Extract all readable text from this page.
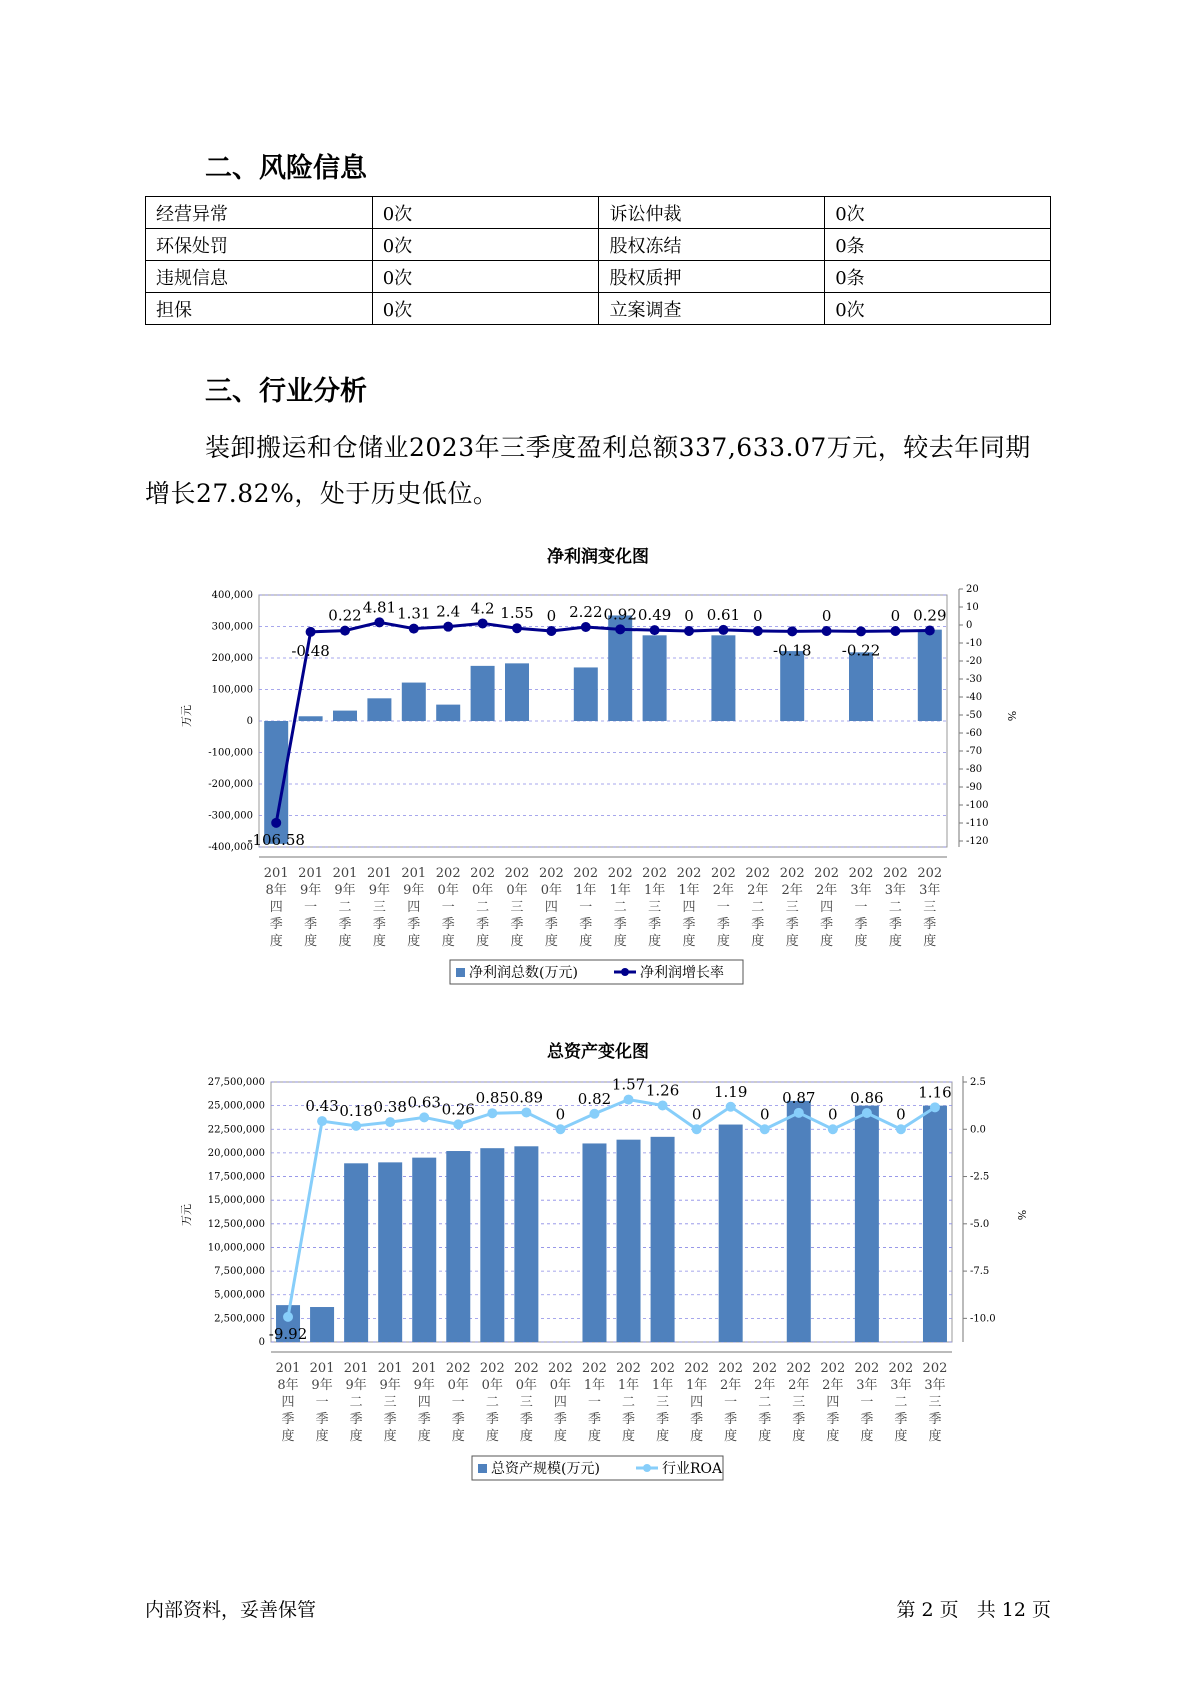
二、风险信息
经营异常	0次	诉讼仲裁	0次
环保处罚	0次	股权冻结	0条
违规信息	0次	股权质押	0条
担保	0次	立案调查	0次
三、行业分析

装卸搬运和仓储业2023年三季度盈利总额337,633.07万元，较去年同期增长27.82%，处于历史低位。

净利润变化图
400,000
300,000
200,000
100,000
0
-100,000
-200,000
-300,000
-400,000
20
10
0
-10
-20
-30
-40
-50
-60
-70
-80
-90
-100
-110
-120
万元	%
201
8年
四
季
度
201
9年
一
季
度
201
9年
二
季
度
201
9年
三
季
度
201
9年
四
季
度
202
0年
一
季
度
202
0年
二
季
度
202
0年
三
季
度
202
0年
四
季
度
202
1年
一
季
度
202
1年
二
季
度
202
1年
三
季
度
202
1年
四
季
度
202
2年
一
季
度
202
2年
二
季
度
202
2年
三
季
度
202
2年
四
季
度
202
3年
一
季
度
202
3年
二
季
度
202
3年
三
季
度
-106.58
-0.48
0.22 4.81 1.31 2.4 4.2 1.55 0 2.22 0.92 0.49 0 0.61 0
-0.18
0
-0.22
0 0.29
净利润总数(万元)	净利润增长率
总资产变化图
27,500,000
25,000,000
22,500,000
20,000,000
17,500,000
15,000,000
12,500,000
10,000,000
7,500,000
5,000,000
2,500,000
0
2.5
0.0
-2.5
-5.0
-7.5
-10.0
万元	%
201
8年
四
季
度
201
9年
一
季
度
201
9年
二
季
度
201
9年
三
季
度
201
9年
四
季
度
202
0年
一
季
度
202
0年
二
季
度
202
0年
三
季
度
202
0年
四
季
度
202
1年
一
季
度
202
1年
二
季
度
202
1年
三
季
度
202
1年
四
季
度
202
2年
一
季
度
202
2年
二
季
度
202
2年
三
季
度
202
2年
四
季
度
202
3年
一
季
度
202
3年
二
季
度
202
3年
三
季
度
-9.92
0.43 0.18 0.38 0.63 0.26
0.85 0.89
0
0.82
1.57 1.26
0
1.19
0
0.87
0
0.86
0
1.16
总资产规模(万元)	行业ROA
内部资料，妥善保管	第 2 页   共 12 页
